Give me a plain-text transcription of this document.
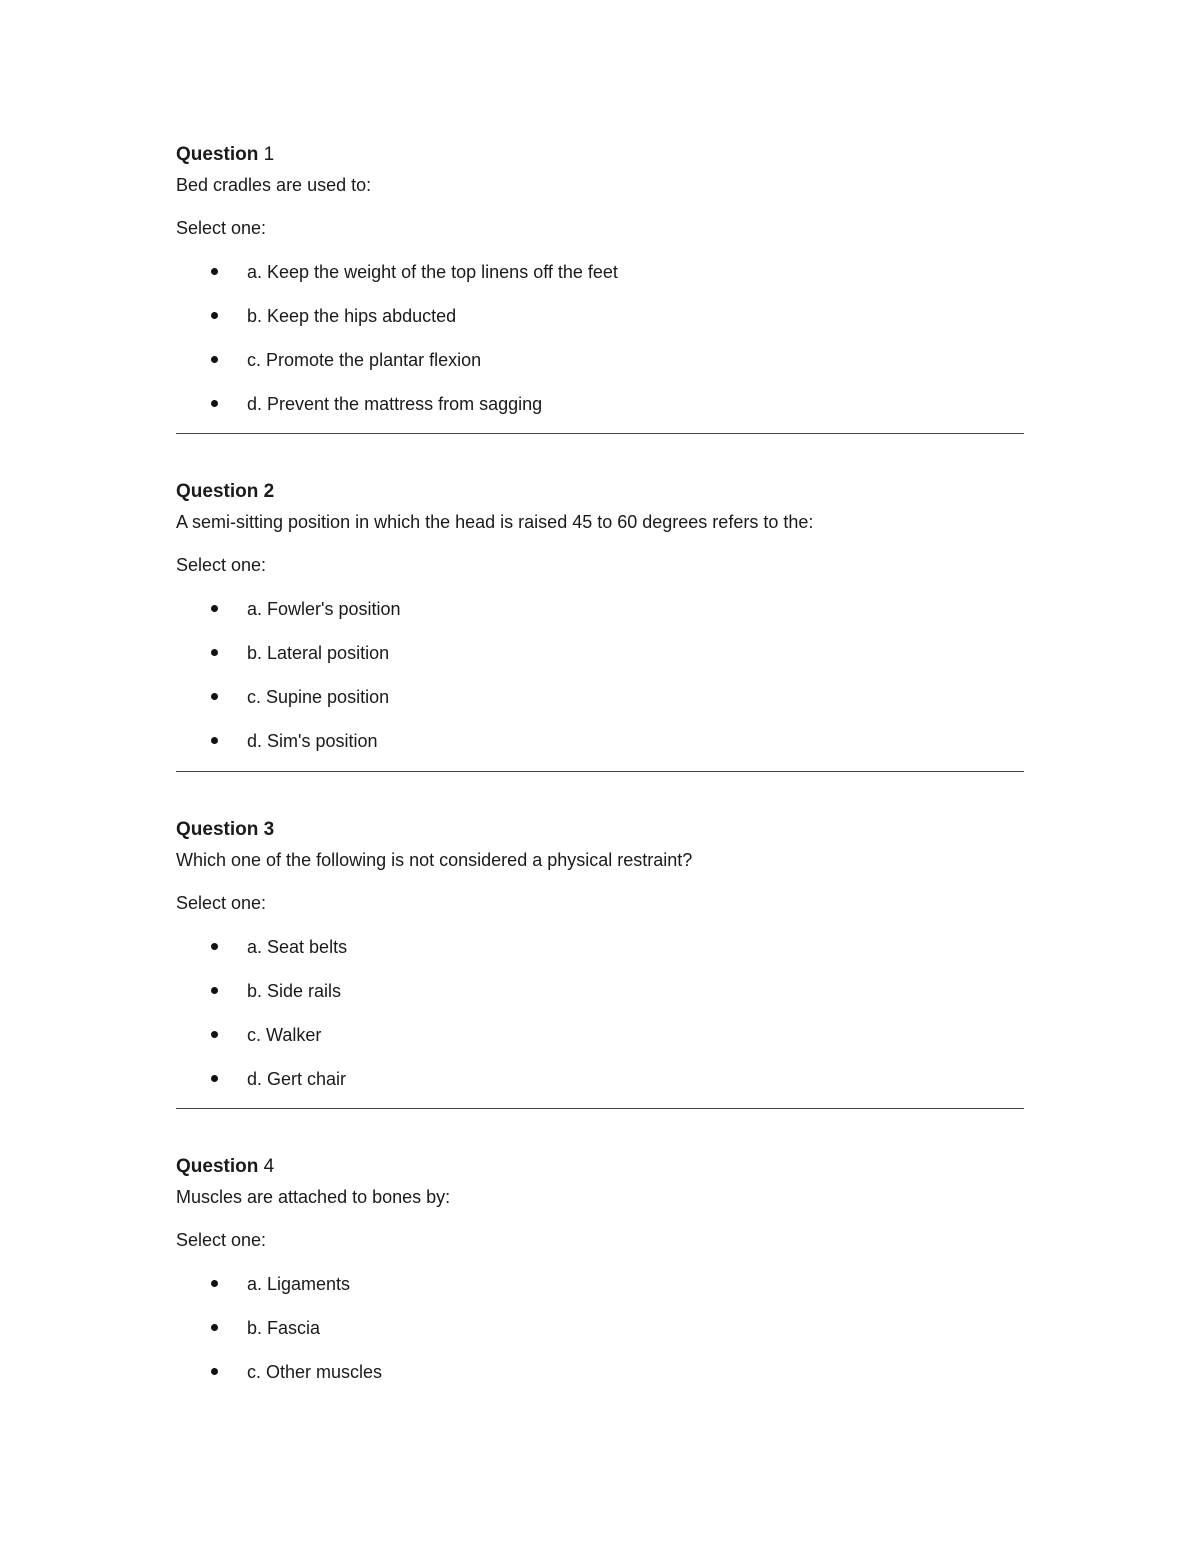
Question 1
Bed cradles are used to:
Select one:
a. Keep the weight of the top linens off the feet
b. Keep the hips abducted
c. Promote the plantar flexion
d. Prevent the mattress from sagging
Question 2
A semi-sitting position in which the head is raised 45 to 60 degrees refers to the:
Select one:
a. Fowler's position
b. Lateral position
c. Supine position
d. Sim's position
Question 3
Which one of the following is not considered a physical restraint?
Select one:
a. Seat belts
b. Side rails
c. Walker
d. Gert chair
Question 4
Muscles are attached to bones by:
Select one:
a. Ligaments
b. Fascia
c. Other muscles
